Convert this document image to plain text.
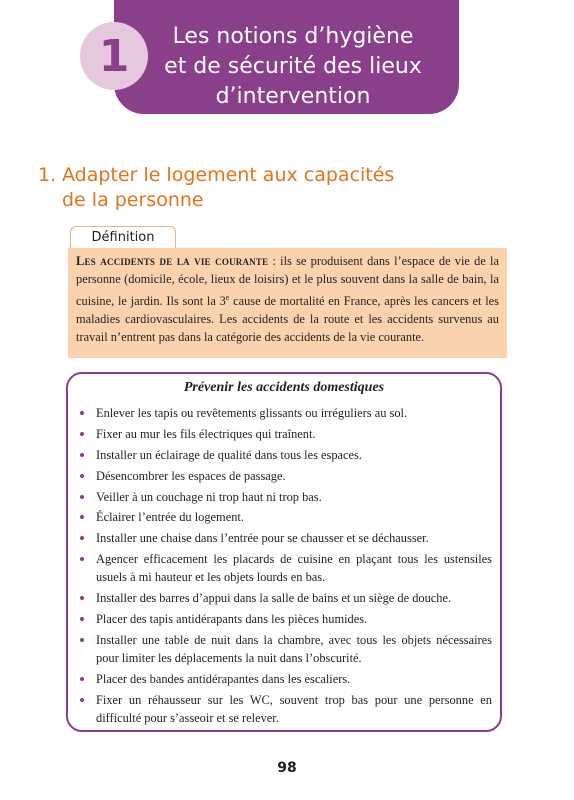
1	Les notions d’hygiène
et de sécurité des lieux
d’intervention
1. Adapter le logement aux capacités
de la personne
Définition
Les accidents de la vie courante : ils se produisent dans l’espace de vie de la personne (domicile, école, lieux de loisirs) et le plus souvent dans la salle de bain, la cuisine, le jardin. Ils sont la 3e cause de mortalité en France, après les cancers et les maladies cardiovasculaires. Les accidents de la route et les accidents survenus au travail n’entrent pas dans la catégorie des accidents de la vie courante.
Prévenir les accidents domestiques
Enlever les tapis ou revêtements glissants ou irréguliers au sol.
Fixer au mur les fils électriques qui traînent.
Installer un éclairage de qualité dans tous les espaces.
Désencombrer les espaces de passage.
Veiller à un couchage ni trop haut ni trop bas.
Éclairer l’entrée du logement.
Installer une chaise dans l’entrée pour se chausser et se déchausser.
Agencer efficacement les placards de cuisine en plaçant tous les ustensiles usuels à mi hauteur et les objets lourds en bas.
Installer des barres d’appui dans la salle de bains et un siège de douche.
Placer des tapis antidérapants dans les pièces humides.
Installer une table de nuit dans la chambre, avec tous les objets nécessaires pour limiter les déplacements la nuit dans l’obscurité.
Placer des bandes antidérapantes dans les escaliers.
Fixer un réhausseur sur les WC, souvent trop bas pour une personne en difficulté pour s’asseoir et se relever.
98
